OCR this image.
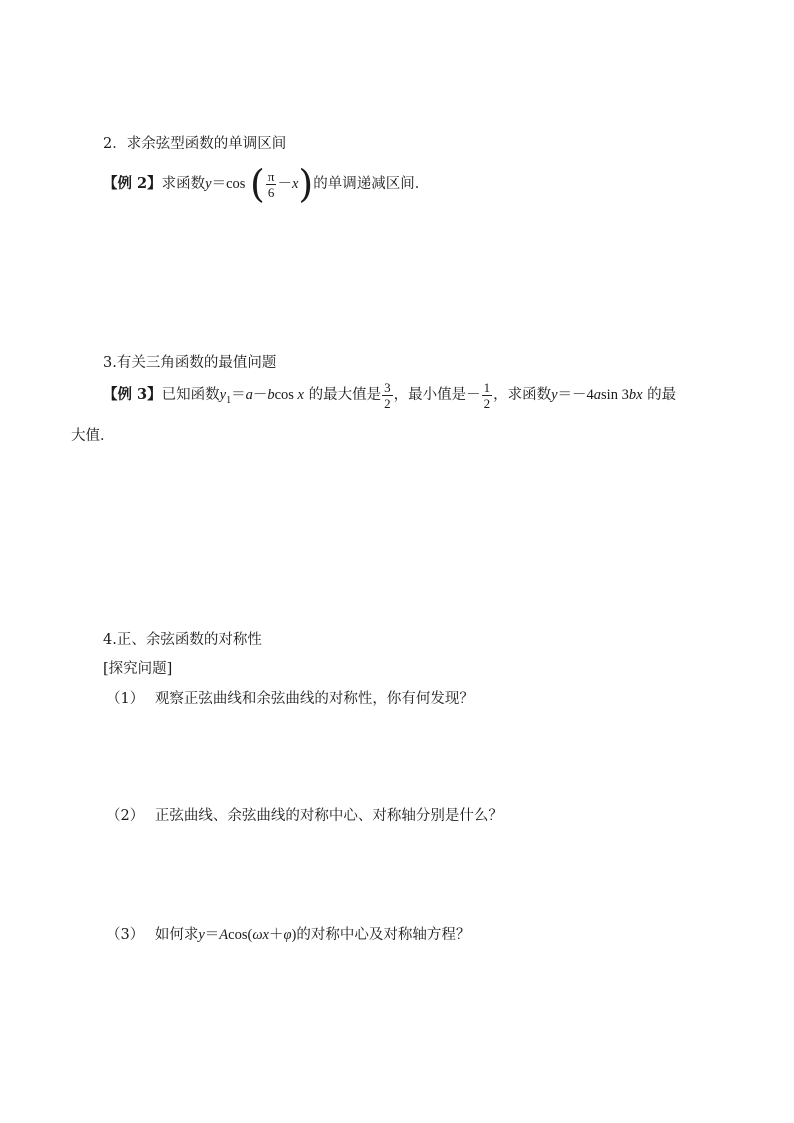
2．求余弦型函数的单调区间
【例 2】求函数y＝cos ( $\frac{\pi}{6} -x$)的单调递减区间．
3.有关三角函数的最值问题
【例 3】已知函数$y_1=a-bcos$ x 的最大值是 $\frac{3}{2}$ ，最小值是－ $\frac{1}{2}$ ，求函数y＝－4asin 3bx 的最
大值．
4.正、余弦函数的对称性
[探究问题]
（1） 观察正弦曲线和余弦曲线的对称性，你有何发现？
（2） 正弦曲线、余弦曲线的对称中心、对称轴分别是什么？
（3） 如何求y＝Acos(ωx＋φ)的对称中心及对称轴方程？
